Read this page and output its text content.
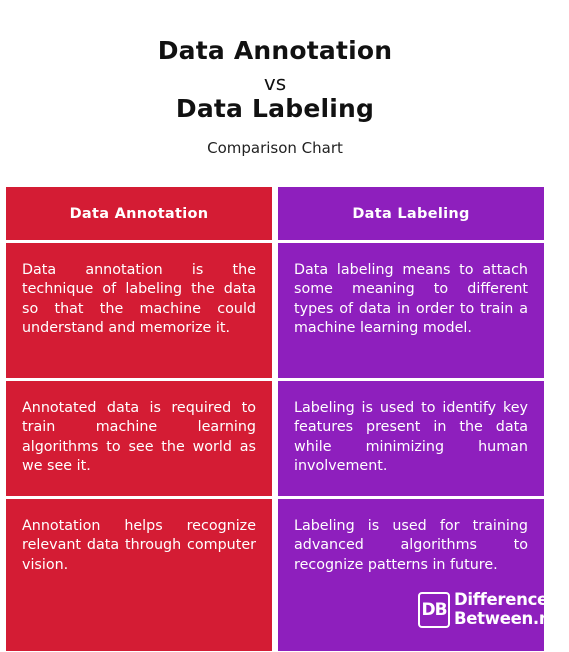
Data Annotation
vs
Data Labeling
Comparison Chart
Data Annotation

Data annotation is the technique of labeling the data so that the machine could understand and memorize it.

Annotated data is required to train machine learning algorithms to see the world as we see it.

Annotation helps recognize relevant data through computer vision.

Data Labeling

Data labeling means to attach some meaning to different types of data in order to train a machine learning model.

Labeling is used to identify key features present in the data while minimizing human involvement.

Labeling is used for training advanced algorithms to recognize patterns in future.

DB
Difference
Between.net
